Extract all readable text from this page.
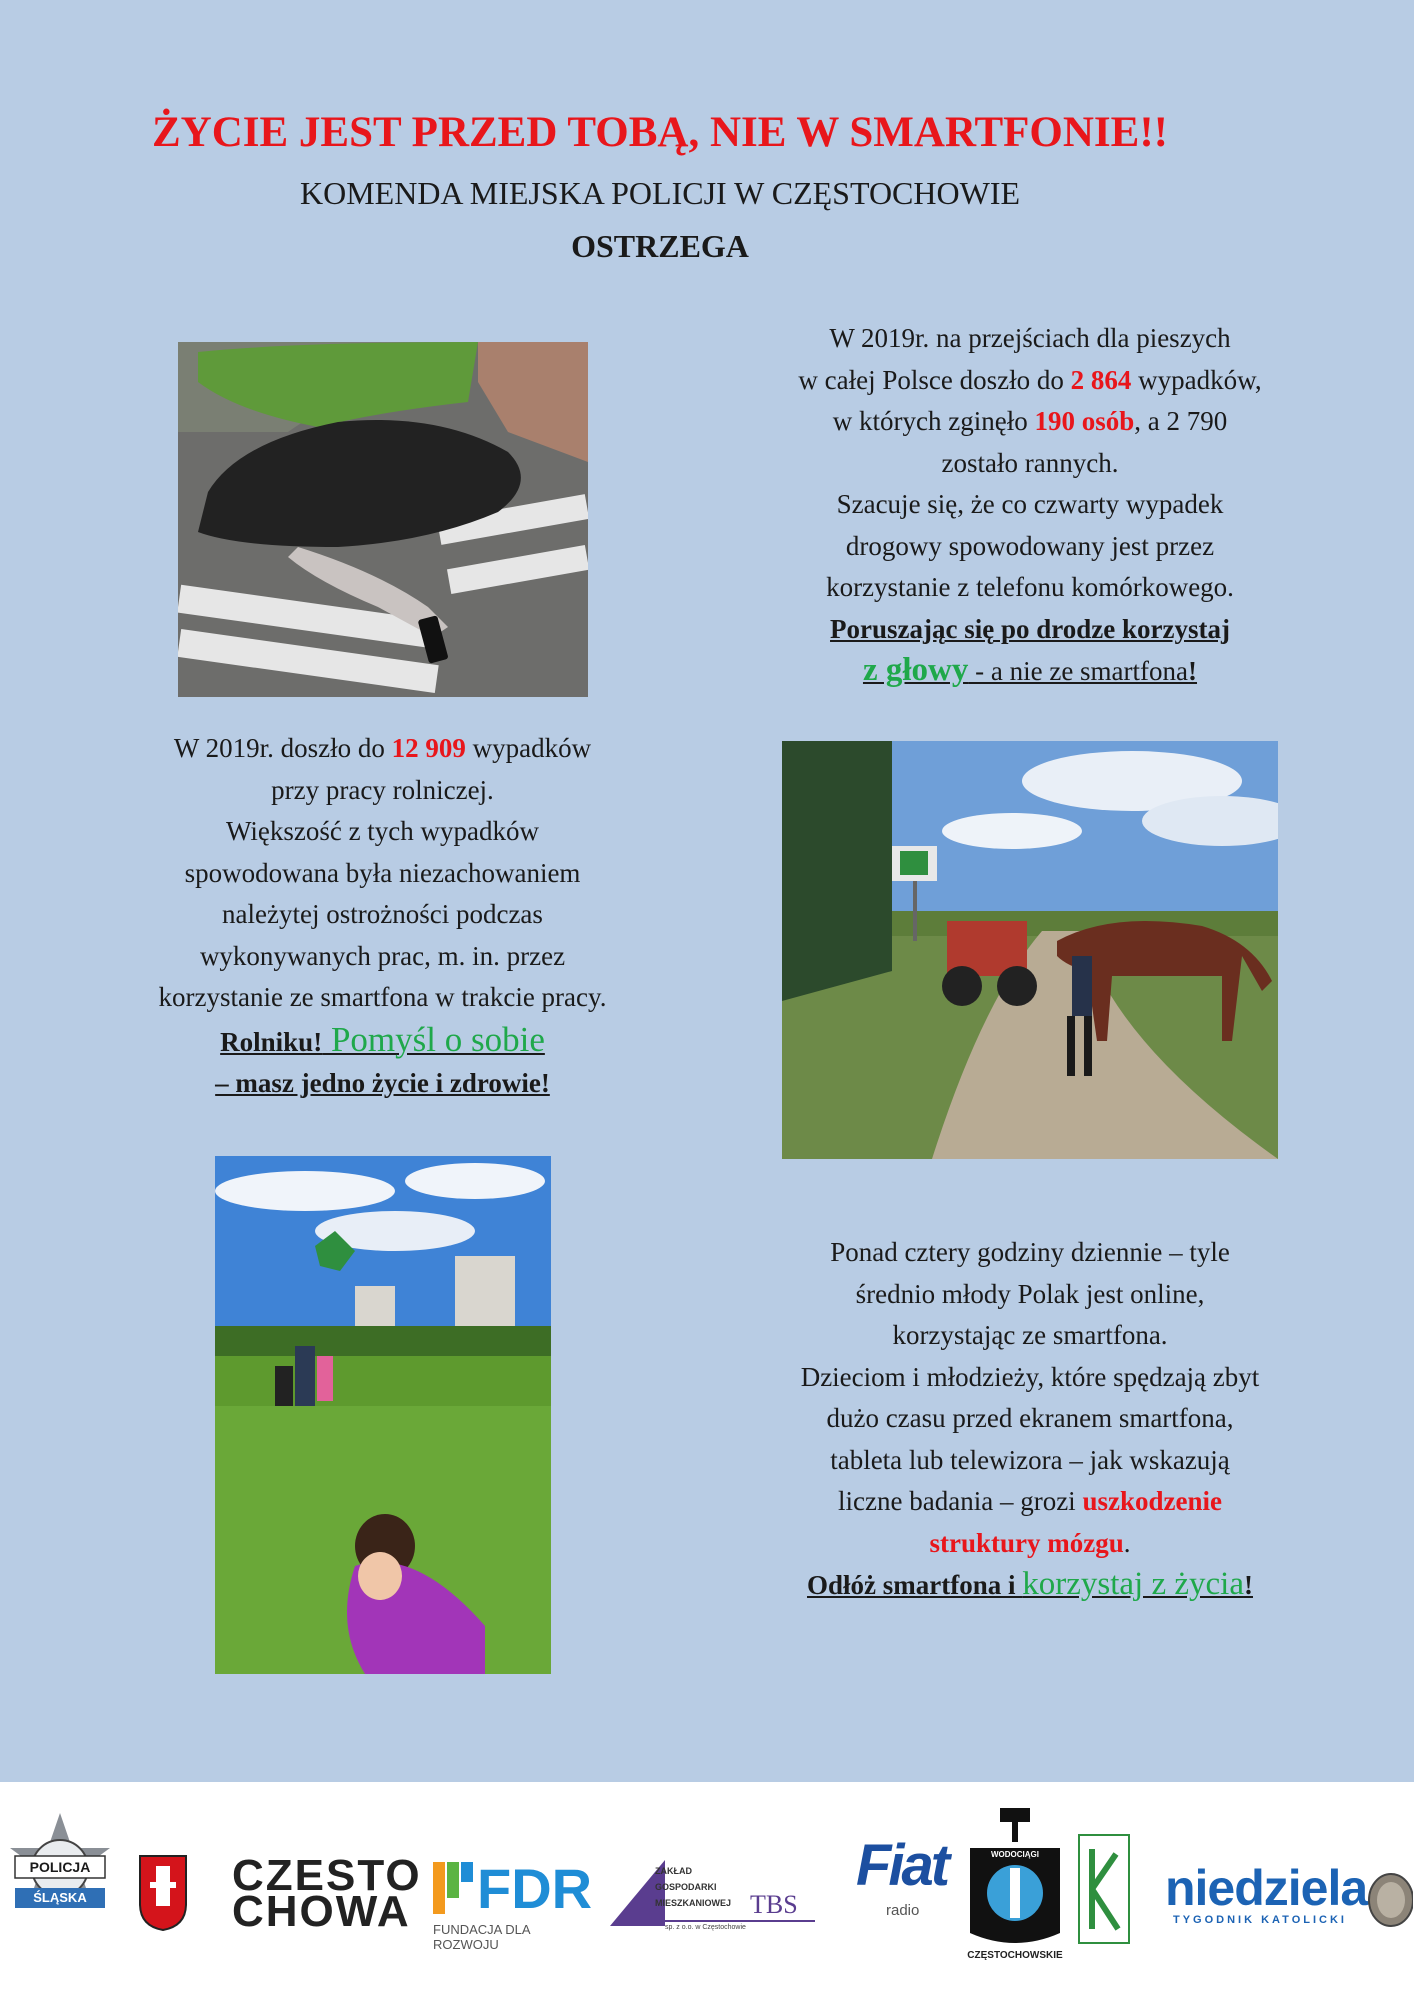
ŻYCIE JEST PRZED TOBĄ, NIE W SMARTFONIE!!
KOMENDA MIEJSKA POLICJI W CZĘSTOCHOWIE
OSTRZEGA
W 2019r. na przejściach dla pieszych
w całej Polsce doszło do 2 864 wypadków,
w których zginęło 190 osób, a 2 790
zostało rannych.
Szacuje się, że co czwarty wypadek
drogowy spowodowany jest przez
korzystanie z telefonu komórkowego.
Poruszając się po drodze korzystaj
z głowy - a nie ze smartfona!
W 2019r. doszło do 12 909 wypadków
przy pracy rolniczej.
Większość z tych wypadków
spowodowana była niezachowaniem
należytej ostrożności podczas
wykonywanych prac, m. in. przez
korzystanie ze smartfona w trakcie pracy.
Rolniku! Pomyśl o sobie
– masz jedno życie i zdrowie!
Ponad cztery godziny dziennie – tyle
średnio młody Polak jest online,
korzystając ze smartfona.
Dzieciom i młodzieży, które spędzają zbyt
dużo czasu przed ekranem smartfona,
tableta lub telewizora – jak wskazują
liczne badania – grozi uszkodzenie
struktury mózgu.
Odłóż smartfona i korzystaj z życia!
POLICJA
ŚLĄSKA	CZESTO
CHOWA FDR
FUNDACJA DLA ROZWOJU
ZAKŁAD
GOSPODARKI
MIESZKANIOWEJ TBS
sp. z o.o. w Częstochowie
Fiat
radio
WODOCIĄGI
CZĘSTOCHOWSKIE
niedziela
TYGODNIK KATOLICKI
